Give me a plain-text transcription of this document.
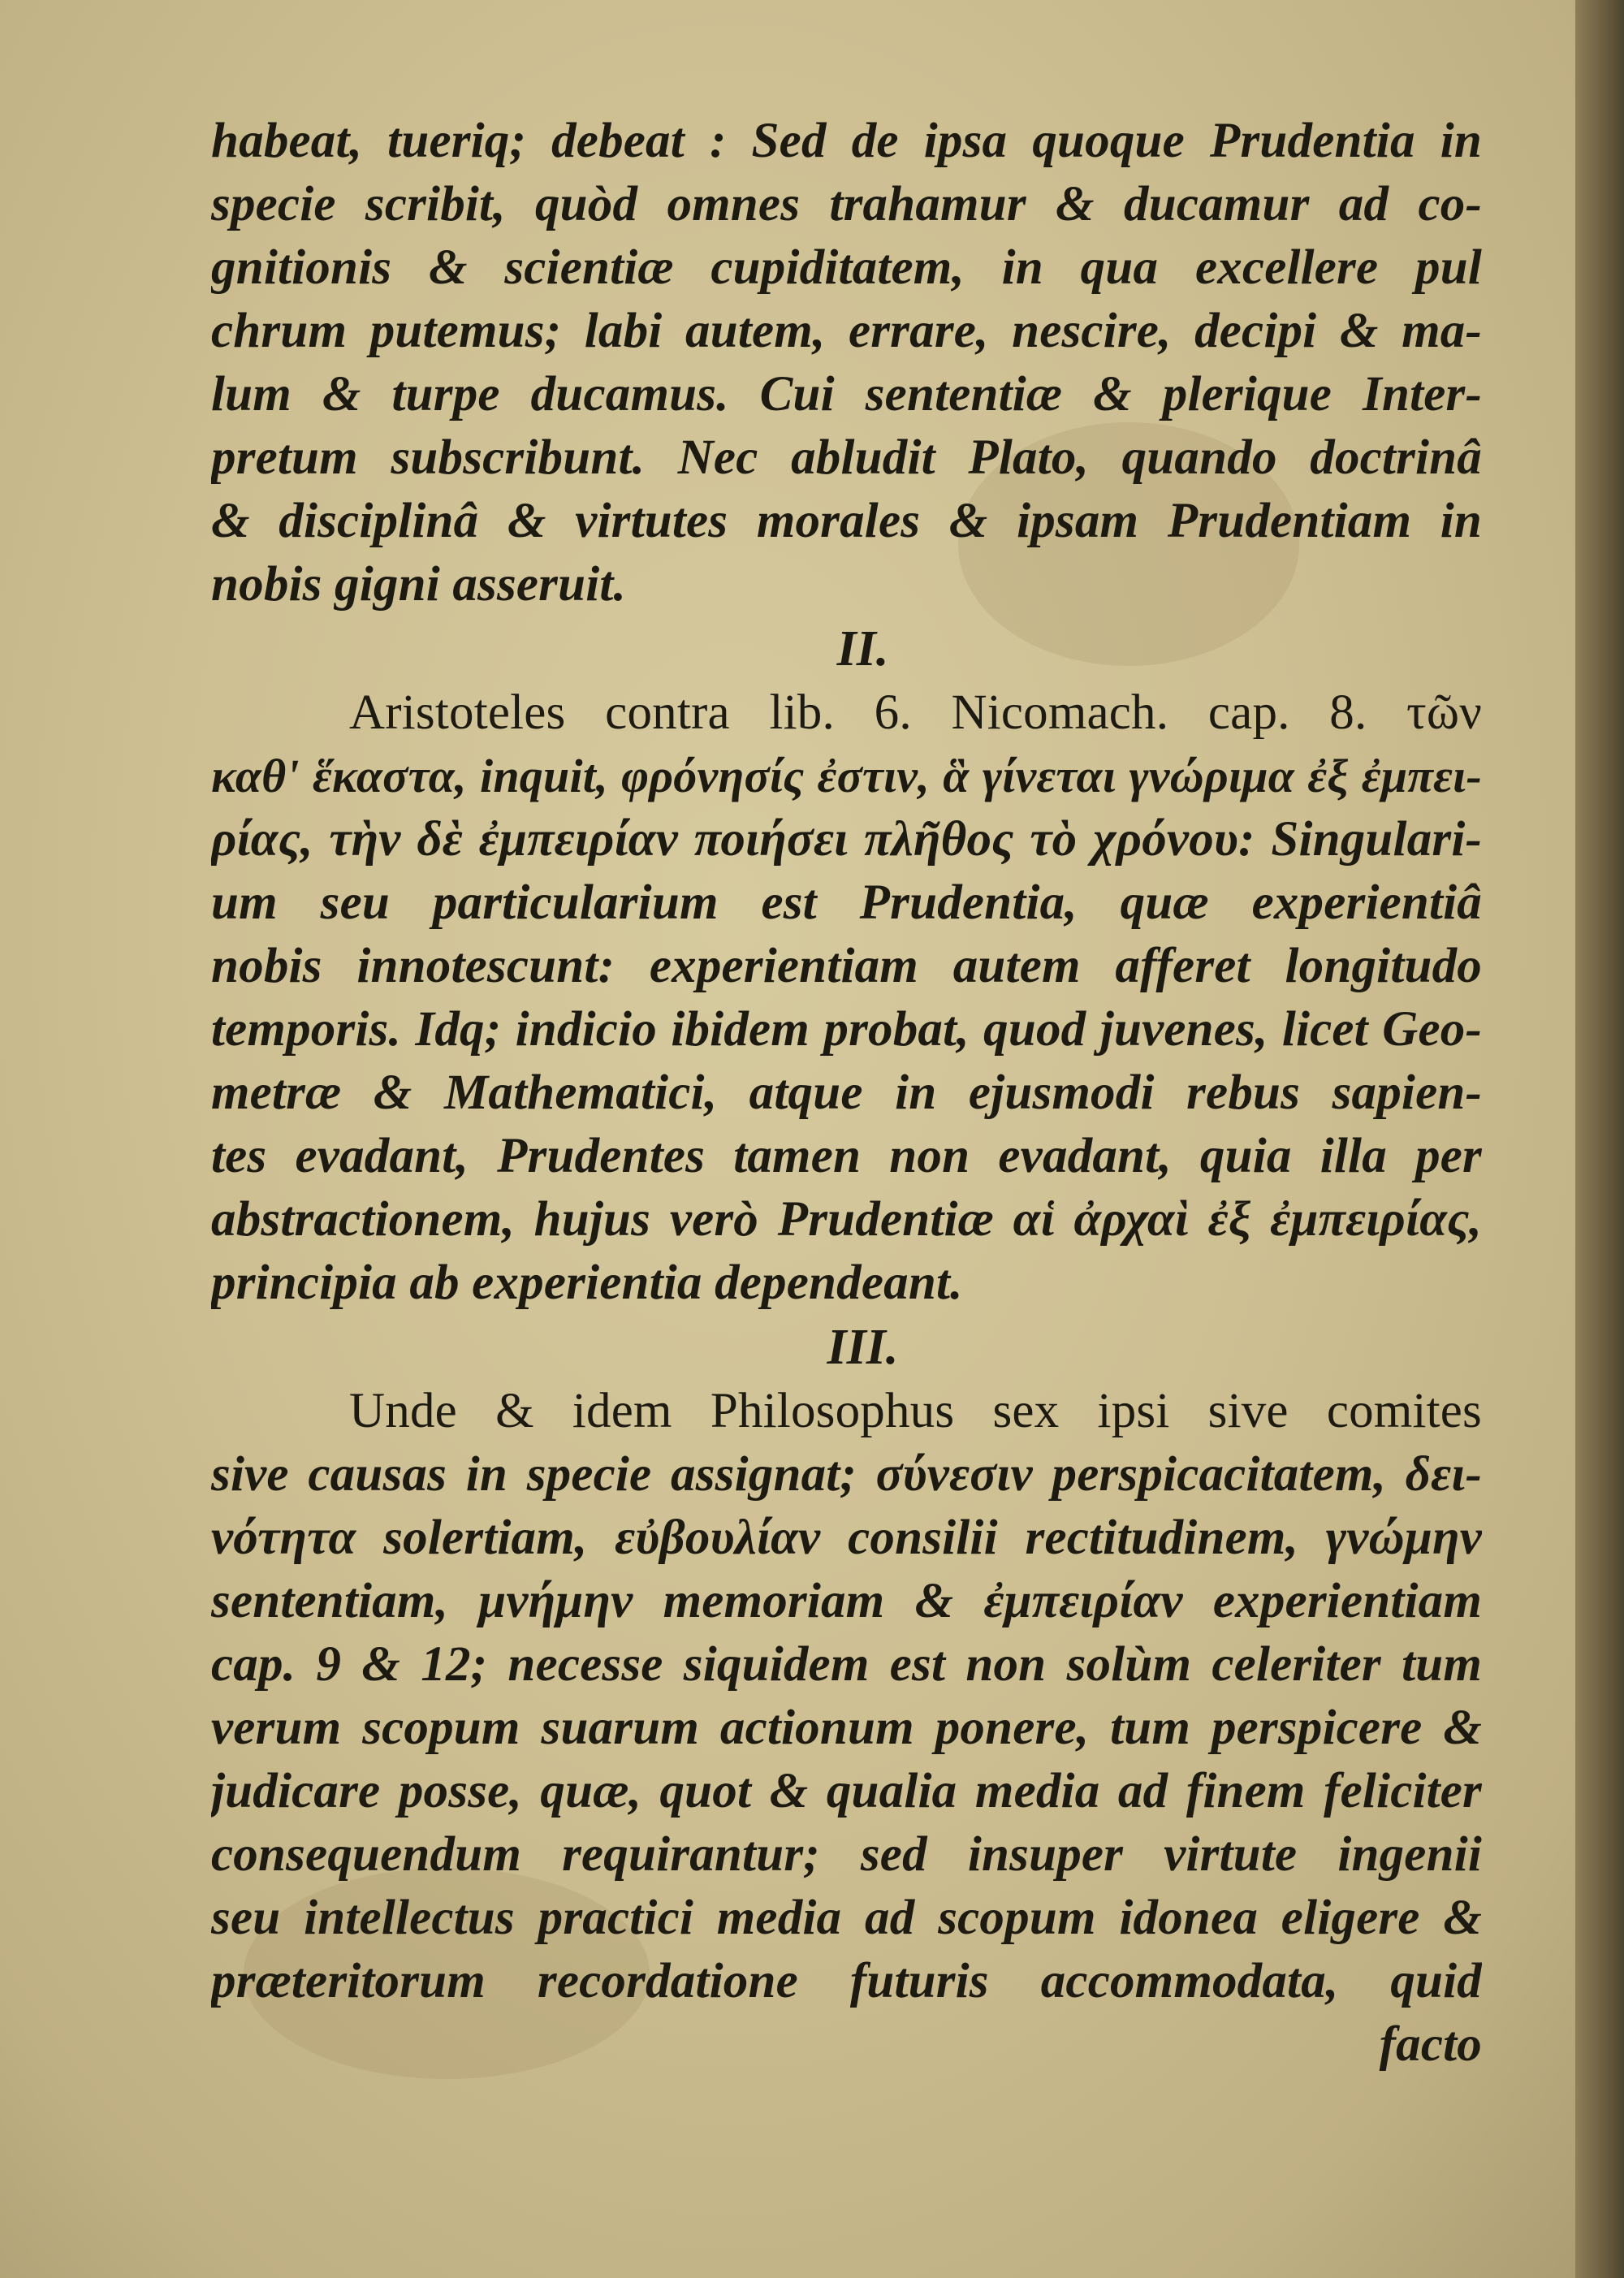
habeat, tueriq; debeat : Sed de ipsa quoque Prudentia in
specie scribit, quòd omnes trahamur & ducamur ad co-
gnitionis & scientiæ cupiditatem, in qua excellere pul
chrum putemus; labi autem, errare, nescire, decipi & ma-
lum & turpe ducamus. Cui sententiæ & plerique Inter-
pretum subscribunt. Nec abludit Plato, quando doctrinâ
& disciplinâ & virtutes morales & ipsam Prudentiam in
nobis gigni asseruit.
II.
Aristoteles contra lib. 6. Nicomach. cap. 8. τῶν
καθ' ἕκαστα, inquit, φρόνησίς ἐστιν, ἃ γίνεται γνώριμα ἐξ ἐμπει-
ρίας, τὴν δὲ ἐμπειρίαν ποιήσει πλῆθος τὸ χρόνου: Singulari-
um seu particularium est Prudentia, quæ experientiâ
nobis innotescunt: experientiam autem afferet longitudo
temporis. Idq; indicio ibidem probat, quod juvenes, licet Geo-
metræ & Mathematici, atque in ejusmodi rebus sapien-
tes evadant, Prudentes tamen non evadant, quia illa per
abstractionem, hujus verò Prudentiæ αἱ ἀρχαὶ ἐξ ἐμπειρίας,
principia ab experientia dependeant.
III.
Unde & idem Philosophus sex ipsi sive comites
sive causas in specie assignat; σύνεσιν perspicacitatem, δει-
νότητα solertiam, εὐβουλίαν consilii rectitudinem, γνώμην
sententiam, μνήμην memoriam & ἐμπειρίαν experientiam
cap. 9 & 12; necesse siquidem est non solùm celeriter tum
verum scopum suarum actionum ponere, tum perspicere &
judicare posse, quæ, quot & qualia media ad finem feliciter
consequendum requirantur; sed insuper virtute ingenii
seu intellectus practici media ad scopum idonea eligere &
præteritorum recordatione futuris accommodata, quid
facto
